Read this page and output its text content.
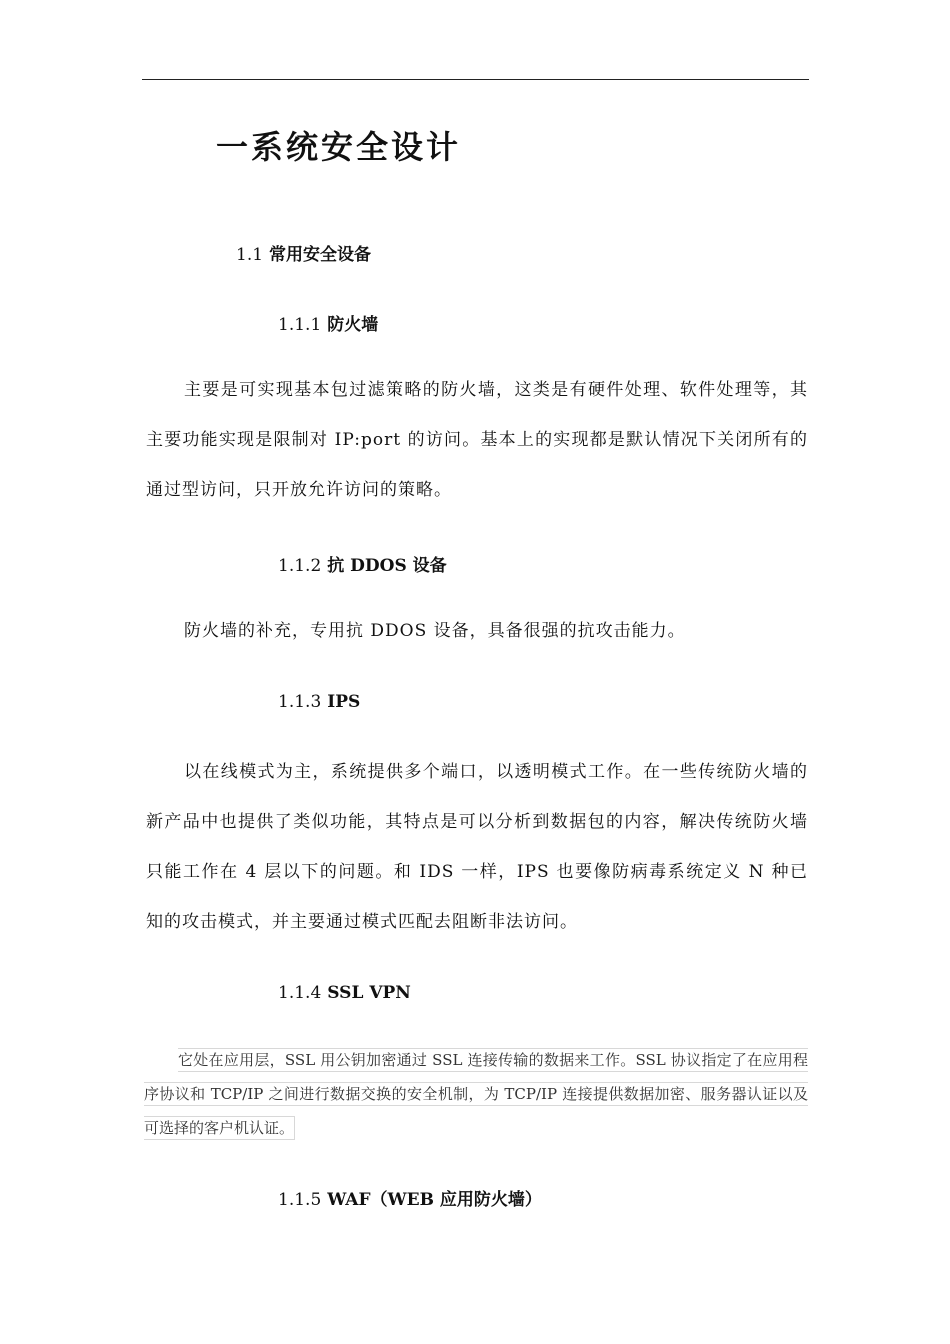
一系统安全设计
1.1 常用安全设备
1.1.1 防火墙

主要是可实现基本包过滤策略的防火墙，这类是有硬件处理、软件处理等，其主要功能实现是限制对 IP:port 的访问。基本上的实现都是默认情况下关闭所有的通过型访问，只开放允许访问的策略。

1.1.2 抗 DDOS 设备

防火墙的补充，专用抗 DDOS 设备，具备很强的抗攻击能力。

1.1.3 IPS

以在线模式为主，系统提供多个端口，以透明模式工作。在一些传统防火墙的新产品中也提供了类似功能，其特点是可以分析到数据包的内容，解决传统防火墙只能工作在 4 层以下的问题。和 IDS 一样，IPS 也要像防病毒系统定义 N 种已知的攻击模式，并主要通过模式匹配去阻断非法访问。

1.1.4 SSL VPN

它处在应用层，SSL 用公钥加密通过 SSL 连接传输的数据来工作。SSL 协议指定了在应用程序协议和 TCP/IP 之间进行数据交换的安全机制，为 TCP/IP 连接提供数据加密、服务器认证以及可选择的客户机认证。

1.1.5 WAF（WEB 应用防火墙）
